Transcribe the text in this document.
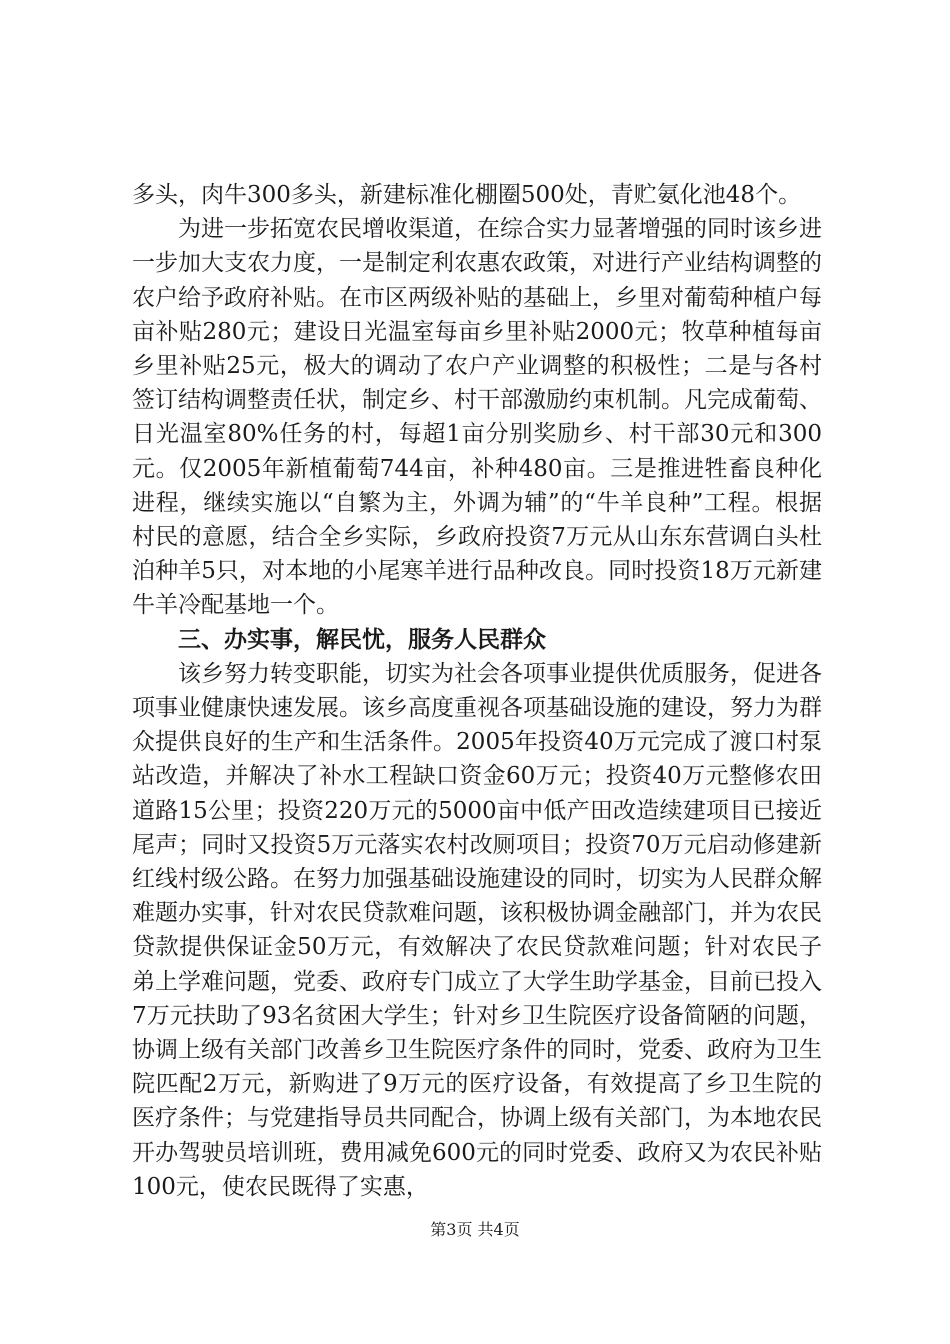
多头，肉牛300多头，新建标准化棚圈500处，青贮氨化池48个。

为进一步拓宽农民增收渠道，在综合实力显著增强的同时该乡进一步加大支农力度，一是制定利农惠农政策，对进行产业结构调整的农户给予政府补贴。在市区两级补贴的基础上，乡里对葡萄种植户每亩补贴280元；建设日光温室每亩乡里补贴2000元；牧草种植每亩乡里补贴25元，极大的调动了农户产业调整的积极性；二是与各村签订结构调整责任状，制定乡、村干部激励约束机制。凡完成葡萄、日光温室80%任务的村，每超1亩分别奖励乡、村干部30元和300元。仅2005年新植葡萄744亩，补种480亩。三是推进牲畜良种化进程，继续实施以“自繁为主，外调为辅”的“牛羊良种”工程。根据村民的意愿，结合全乡实际，乡政府投资7万元从山东东营调白头杜泊种羊5只，对本地的小尾寒羊进行品种改良。同时投资18万元新建牛羊冷配基地一个。

三、办实事，解民忧，服务人民群众

该乡努力转变职能，切实为社会各项事业提供优质服务，促进各项事业健康快速发展。该乡高度重视各项基础设施的建设，努力为群众提供良好的生产和生活条件。2005年投资40万元完成了渡口村泵站改造，并解决了补水工程缺口资金60万元；投资40万元整修农田道路15公里；投资220万元的5000亩中低产田改造续建项目已接近尾声；同时又投资5万元落实农村改厕项目；投资70万元启动修建新红线村级公路。在努力加强基础设施建设的同时，切实为人民群众解难题办实事，针对农民贷款难问题，该积极协调金融部门，并为农民贷款提供保证金50万元，有效解决了农民贷款难问题；针对农民子弟上学难问题，党委、政府专门成立了大学生助学基金，目前已投入7万元扶助了93名贫困大学生；针对乡卫生院医疗设备简陋的问题，协调上级有关部门改善乡卫生院医疗条件的同时，党委、政府为卫生院匹配2万元，新购进了9万元的医疗设备，有效提高了乡卫生院的医疗条件；与党建指导员共同配合，协调上级有关部门，为本地农民开办驾驶员培训班，费用减免600元的同时党委、政府又为农民补贴100元，使农民既得了实惠，

第3页 共4页
